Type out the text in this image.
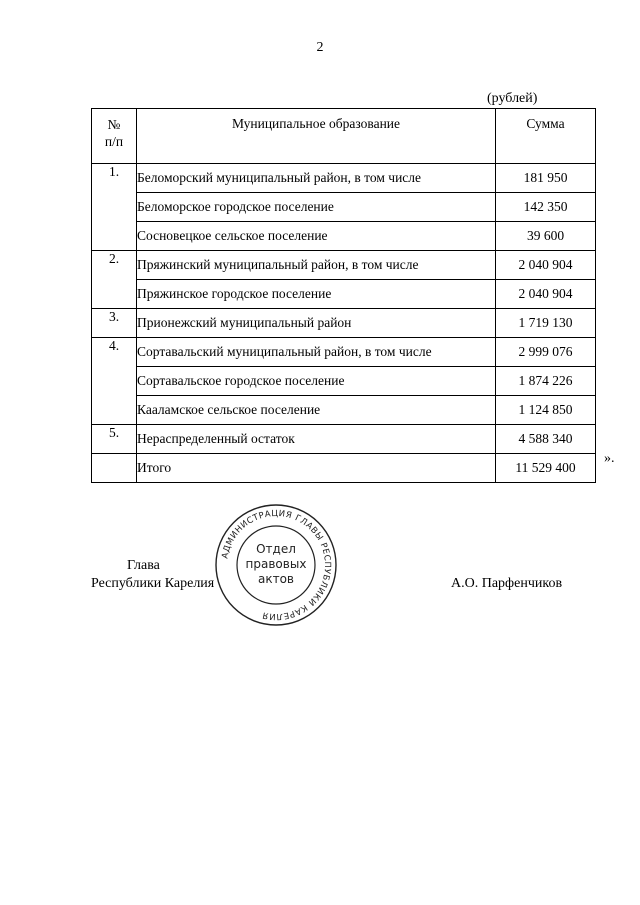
2
(рублей)
№
п/п	Муниципальное образование	Сумма
1.	Беломорский муниципальный район, в том числе	181 950
	Беломорское городское поселение	142 350
	Сосновецкое сельское поселение	39 600
2.	Пряжинский муниципальный район, в том числе	2 040 904
	Пряжинское городское поселение	2 040 904
3.	Прионежский муниципальный район	1 719 130
4.	Сортавальский муниципальный район, в том числе	2 999 076
	Сортавальское городское поселение	1 874 226
	Кааламское сельское поселение	1 124 850
5.	Нераспределенный остаток	4 588 340
	Итого	11 529 400
».
Глава
Республики Карелия	А.О. Парфенчиков
АДМИНИСТРАЦИЯ ГЛАВЫ РЕСПУБЛИКИ КАРЕЛИЯ
Отдел
правовых
актов
